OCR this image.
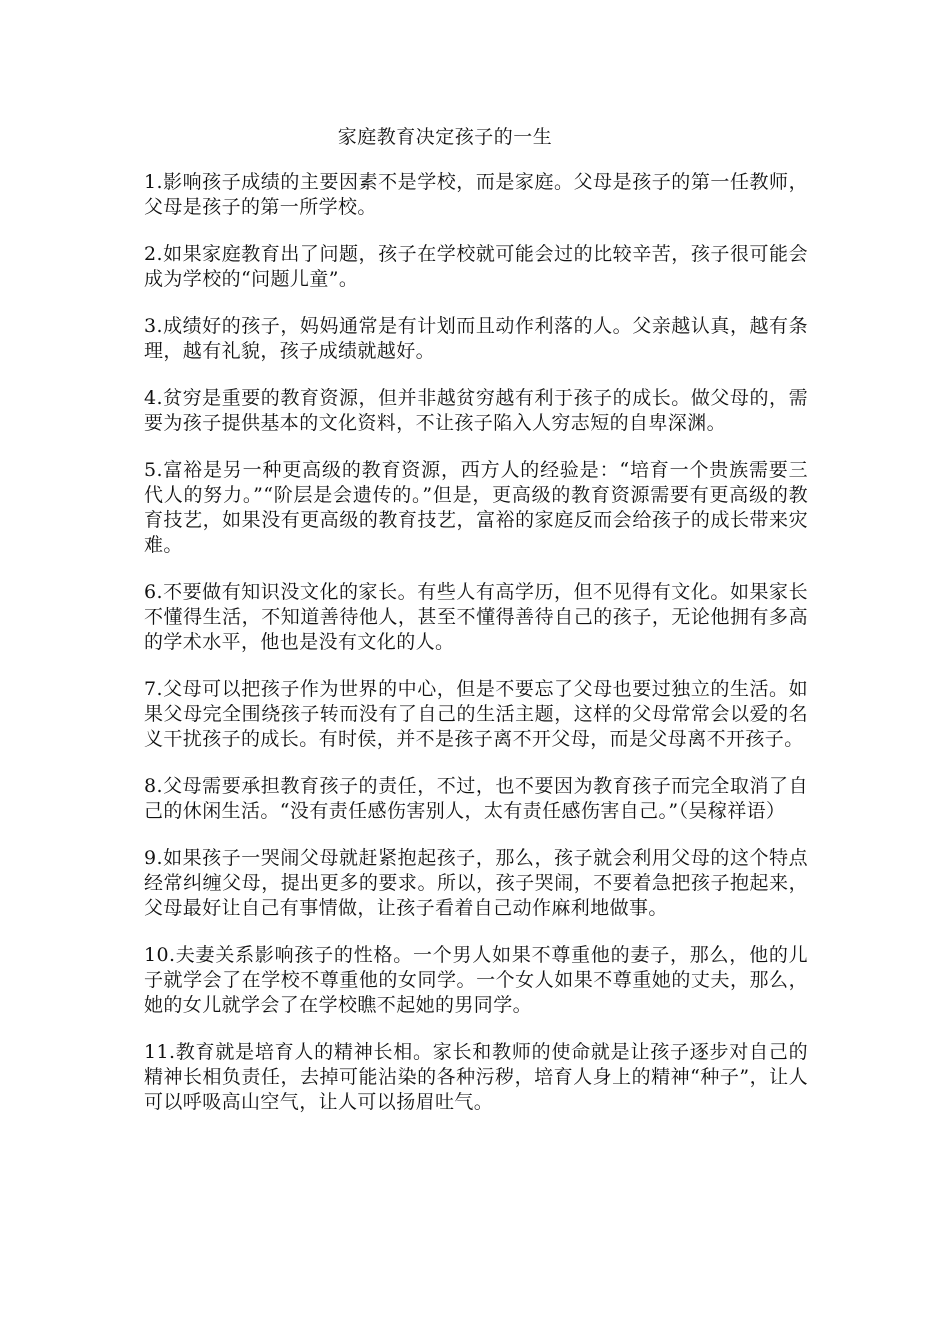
家庭教育决定孩子的一生

1.影响孩子成绩的主要因素不是学校，而是家庭。父母是孩子的第一任教师，父母是孩子的第一所学校。

2.如果家庭教育出了问题，孩子在学校就可能会过的比较辛苦，孩子很可能会成为学校的“问题儿童”。

3.成绩好的孩子，妈妈通常是有计划而且动作利落的人。父亲越认真，越有条理，越有礼貌，孩子成绩就越好。

4.贫穷是重要的教育资源，但并非越贫穷越有利于孩子的成长。做父母的，需要为孩子提供基本的文化资料，不让孩子陷入人穷志短的自卑深渊。

5.富裕是另一种更高级的教育资源，西方人的经验是：“培育一个贵族需要三代人的努力。”“阶层是会遗传的。”但是，更高级的教育资源需要有更高级的教育技艺，如果没有更高级的教育技艺，富裕的家庭反而会给孩子的成长带来灾难。

6.不要做有知识没文化的家长。有些人有高学历，但不见得有文化。如果家长不懂得生活，不知道善待他人，甚至不懂得善待自己的孩子，无论他拥有多高的学术水平，他也是没有文化的人。

7.父母可以把孩子作为世界的中心，但是不要忘了父母也要过独立的生活。如果父母完全围绕孩子转而没有了自己的生活主题，这样的父母常常会以爱的名义干扰孩子的成长。有时侯，并不是孩子离不开父母，而是父母离不开孩子。

8.父母需要承担教育孩子的责任，不过，也不要因为教育孩子而完全取消了自己的休闲生活。“没有责任感伤害别人，太有责任感伤害自己。”（吴稼祥语）

9.如果孩子一哭闹父母就赶紧抱起孩子，那么，孩子就会利用父母的这个特点经常纠缠父母，提出更多的要求。所以，孩子哭闹，不要着急把孩子抱起来，父母最好让自己有事情做，让孩子看着自己动作麻利地做事。

10.夫妻关系影响孩子的性格。一个男人如果不尊重他的妻子，那么，他的儿子就学会了在学校不尊重他的女同学。一个女人如果不尊重她的丈夫，那么，她的女儿就学会了在学校瞧不起她的男同学。

11.教育就是培育人的精神长相。家长和教师的使命就是让孩子逐步对自己的精神长相负责任，去掉可能沾染的各种污秽，培育人身上的精神“种子”，让人可以呼吸高山空气，让人可以扬眉吐气。
